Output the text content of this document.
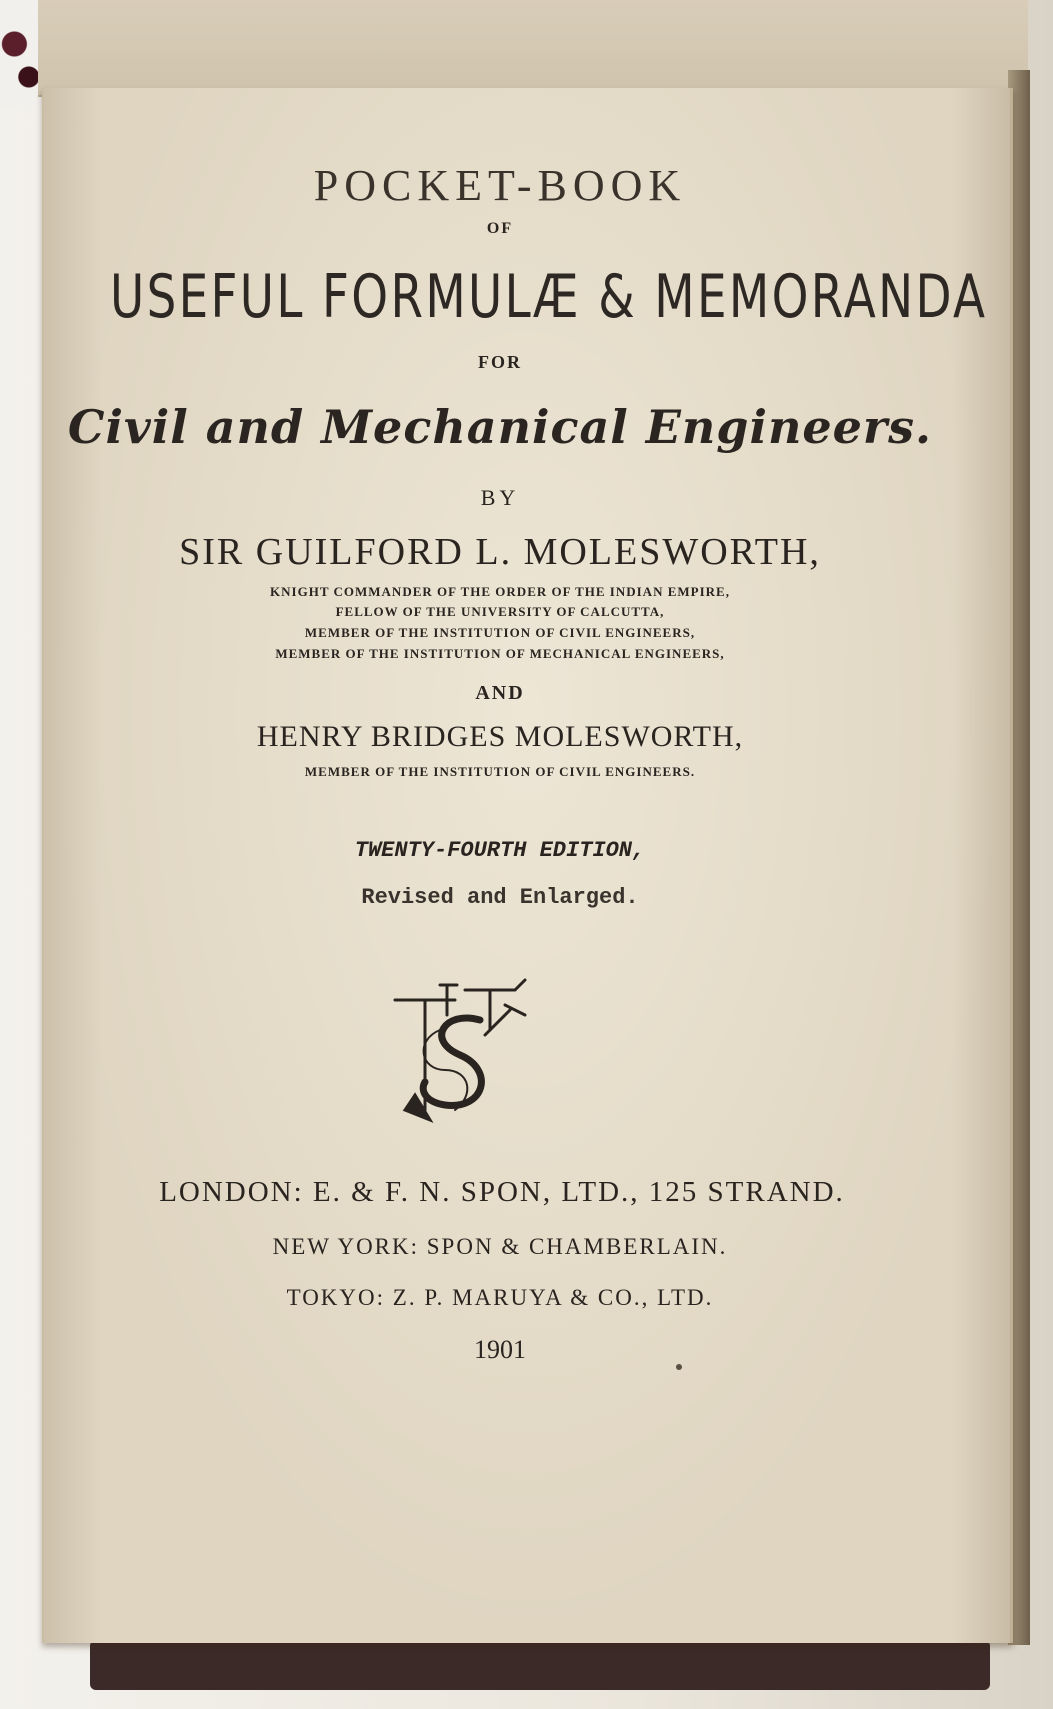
POCKET-BOOK
OF
USEFUL FORMULÆ & MEMORANDA
FOR
Civil and Mechanical Engineers.
BY
SIR GUILFORD L. MOLESWORTH,
KNIGHT COMMANDER OF THE ORDER OF THE INDIAN EMPIRE,
FELLOW OF THE UNIVERSITY OF CALCUTTA,
MEMBER OF THE INSTITUTION OF CIVIL ENGINEERS,
MEMBER OF THE INSTITUTION OF MECHANICAL ENGINEERS,
AND
HENRY BRIDGES MOLESWORTH,
MEMBER OF THE INSTITUTION OF CIVIL ENGINEERS.
TWENTY-FOURTH EDITION,
Revised and Enlarged.
LONDON: E. & F. N. SPON, LTD., 125 STRAND.
NEW YORK: SPON & CHAMBERLAIN.
TOKYO: Z. P. MARUYA & CO., LTD.
1901
